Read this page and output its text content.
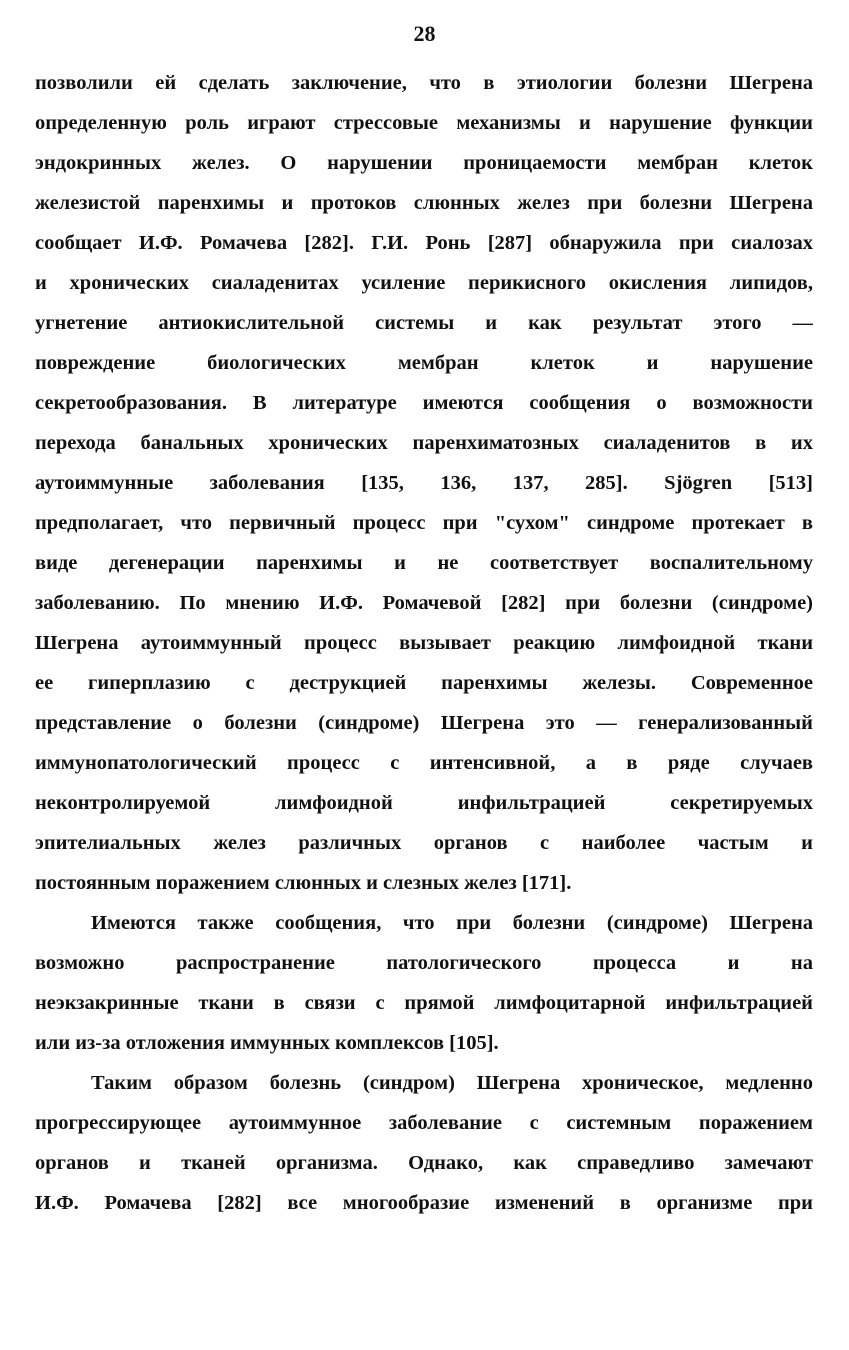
28
позволили ей сделать заключение, что в этиологии болезни Шегрена
определенную роль играют стрессовые механизмы и нарушение функции
эндокринных желез. О нарушении проницаемости мембран клеток
железистой паренхимы и протоков слюнных желез при болезни Шегрена
сообщает И.Ф. Ромачева [282]. Г.И. Ронь [287] обнаружила при сиалозах
и хронических сиаладенитах усиление перикисного окисления липидов,
угнетение антиокислительной системы и как результат этого —
повреждение биологических мембран клеток и нарушение
секретообразования. В литературе имеются сообщения о возможности
перехода банальных хронических паренхиматозных сиаладенитов в их
аутоиммунные заболевания [135, 136, 137, 285]. Sjögren [513]
предполагает, что первичный процесс при "сухом" синдроме протекает в
виде дегенерации паренхимы и не соответствует воспалительному
заболеванию. По мнению И.Ф. Ромачевой [282] при болезни (синдроме)
Шегрена аутоиммунный процесс вызывает реакцию лимфоидной ткани
ее гиперплазию с деструкцией паренхимы железы. Современное
представление о болезни (синдроме) Шегрена это — генерализованный
иммунопатологический процесс с интенсивной, а в ряде случаев
неконтролируемой лимфоидной инфильтрацией секретируемых
эпителиальных желез различных органов с наиболее частым и
постоянным поражением слюнных и слезных желез [171].
Имеются также сообщения, что при болезни (синдроме) Шегрена
возможно распространение патологического процесса и на
неэкзакринные ткани в связи с прямой лимфоцитарной инфильтрацией
или из-за отложения иммунных комплексов [105].
Таким образом болезнь (синдром) Шегрена хроническое, медленно
прогрессирующее аутоиммунное заболевание с системным поражением
органов и тканей организма. Однако, как справедливо замечают
И.Ф. Ромачева [282] все многообразие изменений в организме при
